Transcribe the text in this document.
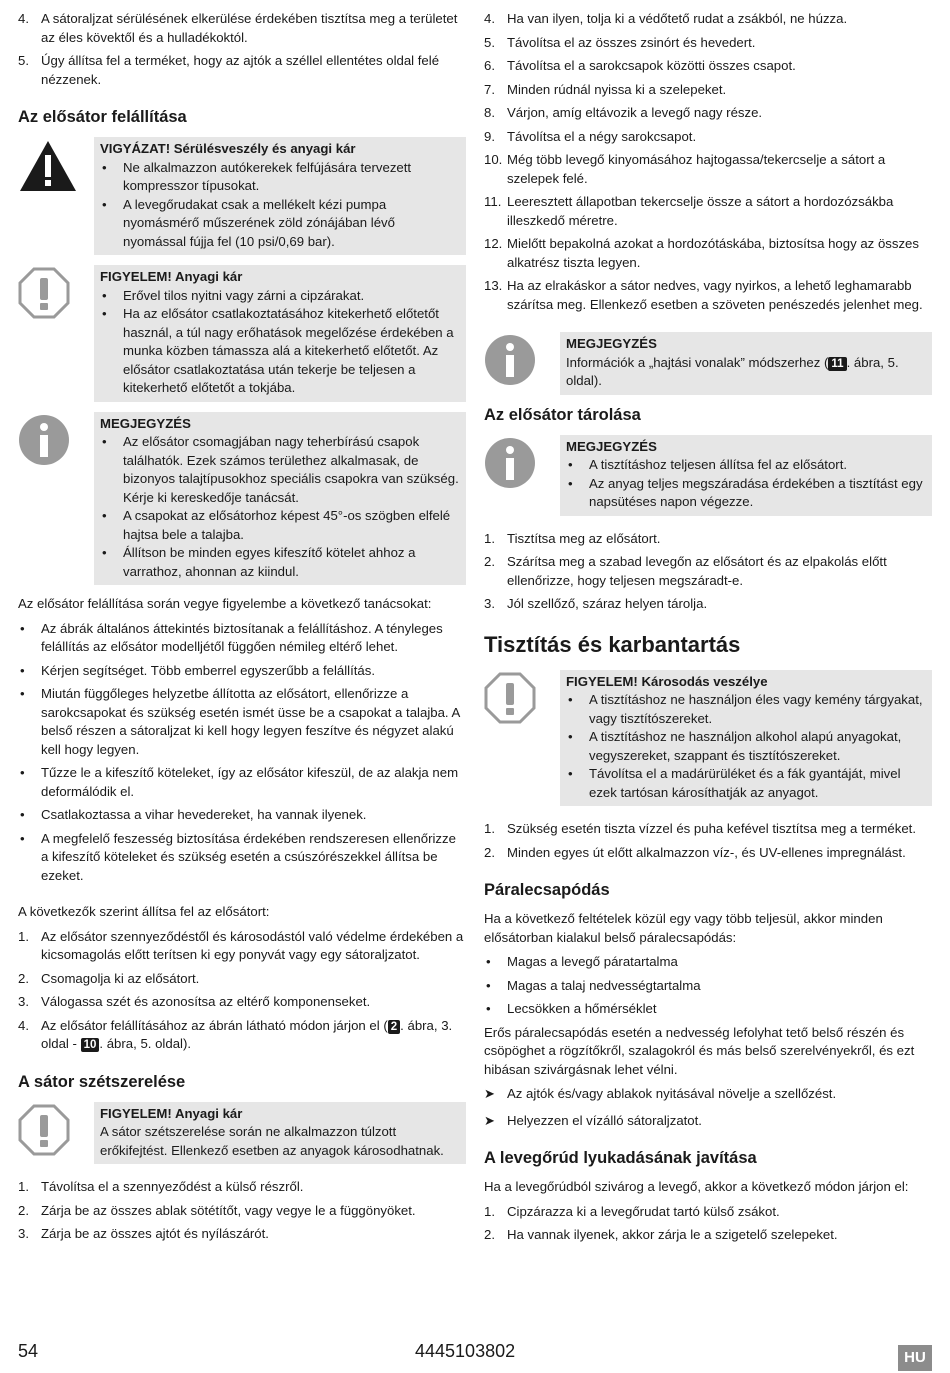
4. A sátoraljzat sérülésének elkerülése érdekében tisztítsa meg a területet az éles kövektől és a hulladékoktól.
5. Úgy állítsa fel a terméket, hogy az ajtók a széllel ellentétes oldal felé nézzenek.
Az elősátor felállítása
VIGYÁZAT! Sérülésveszély és anyagi kár
• Ne alkalmazzon autókerekek felfújására tervezett kompresszor típusokat.
• A levegőrudakat csak a mellékelt kézi pumpa nyomásmérő műszerének zöld zónájában lévő nyomással fújja fel (10 psi/0,69 bar).
FIGYELEM! Anyagi kár
• Erővel tilos nyitni vagy zárni a cipzárakat.
• Ha az elősátor csatlakoztatásához kitekerhető előtetőt használ, a túl nagy erőhatások megelőzése érdekében a munka közben támassza alá a kitekerhető előtetőt. Az elősátor csatlakoztatása után tekerje be teljesen a kitekerhető előtetőt a tokjába.
MEGJEGYZÉS
• Az elősátor csomagjában nagy teherbírású csapok találhatók. Ezek számos területhez alkalmasak, de bizonyos talajtípusokhoz speciális csapokra van szükség. Kérje ki kereskedője tanácsát.
• A csapokat az elősátorhoz képest 45°-os szögben elfelé hajtsa bele a talajba.
• Állítson be minden egyes kifeszítő kötelet ahhoz a varrathoz, ahonnan az kiindul.

Az elősátor felállítása során vegye figyelembe a következő tanácsokat:

• Az ábrák általános áttekintés biztosítanak a felállításhoz. A tényleges felállítás az elősátor modelljétől függően némileg eltérő lehet.
• Kérjen segítséget. Több emberrel egyszerűbb a felállítás.
• Miután függőleges helyzetbe állította az elősátort, ellenőrizze a sarokcsapokat és szükség esetén ismét üsse be a csapokat a talajba. A belső részen a sátoraljzat ki kell hogy legyen feszítve és négyzet alakú kell hogy legyen.
• Tűzze le a kifeszítő köteleket, így az elősátor kifeszül, de az alakja nem deformálódik el.
• Csatlakoztassa a vihar hevedereket, ha vannak ilyenek.
• A megfelelő feszesség biztosítása érdekében rendszeresen ellenőrizze a kifeszítő köteleket és szükség esetén a csúszórészekkel állítsa be ezeket.

A következők szerint állítsa fel az elősátort:

1. Az elősátor szennyeződéstől és károsodástól való védelme érdekében a kicsomagolás előtt terítsen ki egy ponyvát vagy egy sátoraljzatot.
2. Csomagolja ki az elősátort.
3. Válogassa szét és azonosítsa az eltérő komponenseket.
4. Az elősátor felállításához az ábrán látható módon járjon el ( 2 . ábra, 3. oldal - 10 . ábra, 5. oldal).
A sátor szétszerelése
FIGYELEM! Anyagi kár
A sátor szétszerelése során ne alkalmazzon túlzott erőkifejtést. Ellenkező esetben az anyagok károsodhatnak.
1. Távolítsa el a szennyeződést a külső részről.
2. Zárja be az összes ablak sötétítőt, vagy vegye le a függönyöket.
3. Zárja be az összes ajtót és nyílászárót.
4. Ha van ilyen, tolja ki a védőtető rudat a zsákból, ne húzza.
5. Távolítsa el az összes zsinórt és hevedert.
6. Távolítsa el a sarokcsapok közötti összes csapot.
7. Minden rúdnál nyissa ki a szelepeket.
8. Várjon, amíg eltávozik a levegő nagy része.
9. Távolítsa el a négy sarokcsapot.
10. Még több levegő kinyomásához hajtogassa/tekercselje a sátort a szelepek felé.
11. Leeresztett állapotban tekercselje össze a sátort a hordozózsákba illeszkedő méretre.
12. Mielőtt bepakolná azokat a hordozótáskába, biztosítsa hogy az összes alkatrész tiszta legyen.
13. Ha az elrakáskor a sátor nedves, vagy nyirkos, a lehető leghamarabb szárítsa meg. Ellenkező esetben a szöveten penészedés jelenhet meg.
MEGJEGYZÉS
Információk a „hajtási vonalak” módszerhez ( 11 . ábra, 5. oldal).
Az elősátor tárolása
MEGJEGYZÉS
• A tisztításhoz teljesen állítsa fel az elősátort.
• Az anyag teljes megszáradása érdekében a tisztítást egy napsütéses napon végezze.
1. Tisztítsa meg az elősátort.
2. Szárítsa meg a szabad levegőn az elősátort és az elpakolás előtt ellenőrizze, hogy teljesen megszáradt-e.
3. Jól szellőző, száraz helyen tárolja.
Tisztítás és karbantartás
FIGYELEM! Károsodás veszélye
• A tisztításhoz ne használjon éles vagy kemény tárgyakat, vagy tisztítószereket.
• A tisztításhoz ne használjon alkohol alapú anyagokat, vegyszereket, szappant és tisztítószereket.
• Távolítsa el a madárürüléket és a fák gyantáját, mivel ezek tartósan károsíthatják az anyagot.
1. Szükség esetén tiszta vízzel és puha kefével tisztítsa meg a terméket.
2. Minden egyes út előtt alkalmazzon víz-, és UV-ellenes impregnálást.
Páralecsapódás

Ha a következő feltételek közül egy vagy több teljesül, akkor minden elősátorban kialakul belső páralecsapódás:

• Magas a levegő páratartalma
• Magas a talaj nedvességtartalma
• Lecsökken a hőmérséklet

Erős páralecsapódás esetén a nedvesség lefolyhat tető belső részén és csöpöghet a rögzítőkről, szalagokról és más belső szerelvényekről, és ezt hibásan szivárgásnak lehet vélni.

➤ Az ajtók és/vagy ablakok nyitásával növelje a szellőzést.
➤ Helyezzen el vízálló sátoraljzatot.
A levegőrúd lyukadásának javítása

Ha a levegőrúdból szivárog a levegő, akkor a következő módon járjon el:

1. Cipzárazza ki a levegőrudat tartó külső zsákot.
2. Ha vannak ilyenek, akkor zárja le a szigetelő szelepeket.
54	4445103802	HU
